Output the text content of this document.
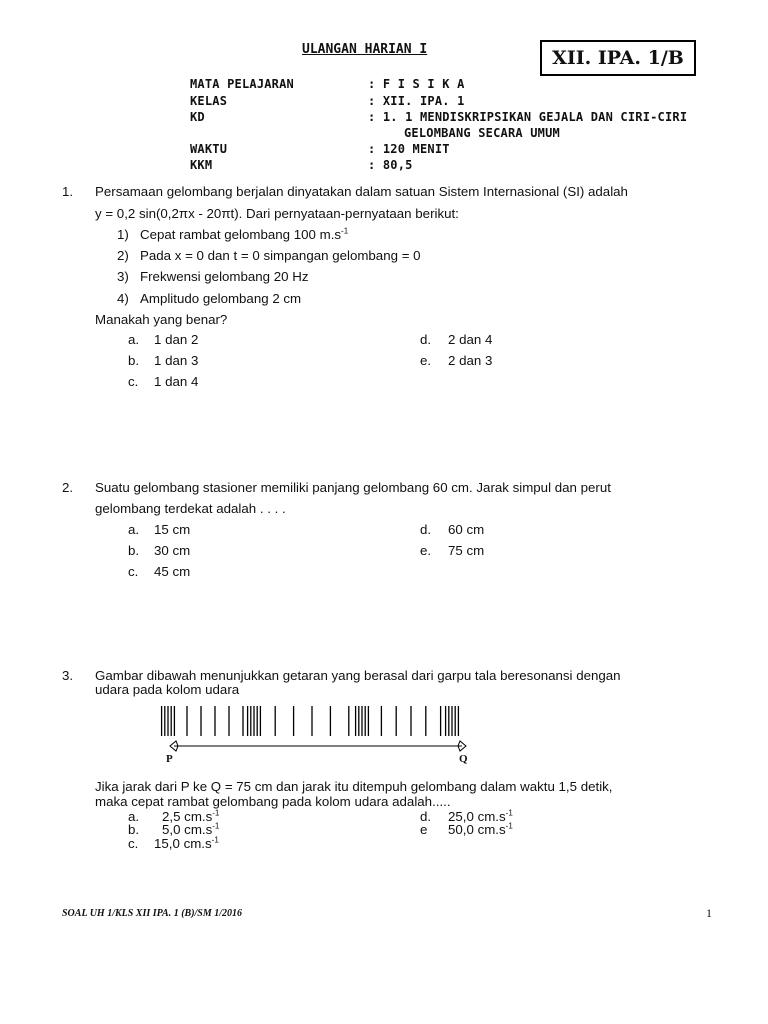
ULANGAN HARIAN I	XII. IPA. 1/B
MATA PELAJARAN	: F I S I K A
KELAS	: XII. IPA. 1
KD	: 1. 1 MENDISKRIPSIKAN GEJALA DAN CIRI-CIRI
GELOMBANG SECARA UMUM
WAKTU	: 120 MENIT
KKM	: 80,5
1. Persamaan gelombang berjalan dinyatakan dalam satuan Sistem Internasional (SI) adalah
y = 0,2 sin(0,2πx - 20πt). Dari pernyataan-pernyataan berikut:
1) Cepat rambat gelombang 100 $m.s^{-1}$
2) Pada x = 0 dan t = 0 simpangan gelombang = 0
3) Frekwensi gelombang 20 Hz
4) Amplitudo gelombang 2 cm
Manakah yang benar?
a. 1 dan 2
b. 1 dan 3
c. 1 dan 4
d. 2 dan 4
e. 2 dan 3
2. Suatu gelombang stasioner memiliki panjang gelombang 60 cm. Jarak simpul dan perut
gelombang terdekat adalah . . . .
a. 15 cm
b. 30 cm
c. 45 cm
d. 60 cm
e. 75 cm
3. Gambar dibawah menunjukkan getaran yang berasal dari garpu tala beresonansi dengan
udara pada kolom udara
P	Q
Jika jarak dari P ke Q = 75 cm dan jarak itu ditempuh gelombang dalam waktu 1,5 detik,
maka cepat rambat gelombang pada kolom udara adalah.....
a. 2,5 $cm.s^{-1}$
b. 5,0 $cm.s^{-1}$
c. 15,0 $cm.s^{-1}$
d. 25,0 $cm.s^{-1}$
e 50,0 $cm.s^{-1}$
SOAL UH 1/KLS XII IPA. 1 (B)/SM 1/2016	1
